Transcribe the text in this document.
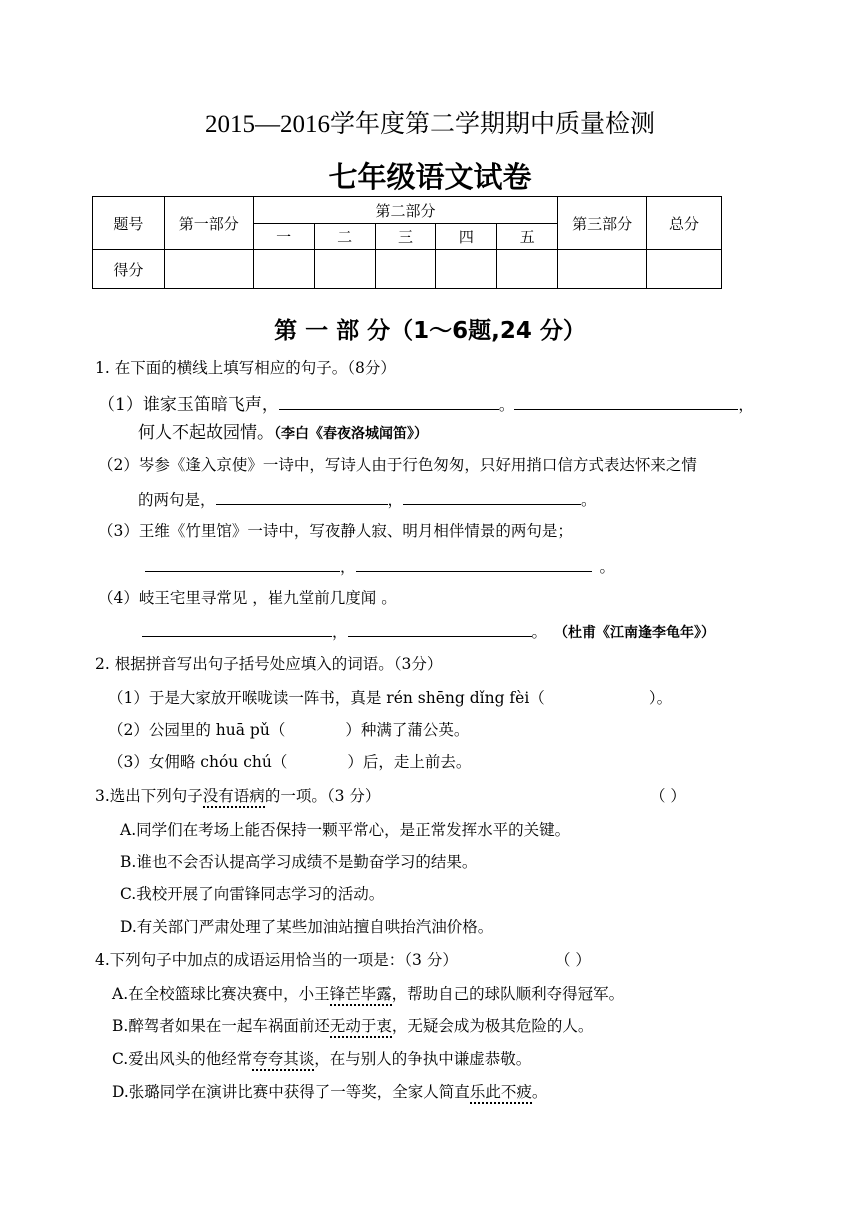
2015—2016学年度第二学期期中质量检测
七年级语文试卷
题号	第一部分	第二部分					第三部分	总分
		一	二	三	四	五		
得分								
第 一 部 分（1～6题,24 分）
1. 在下面的横线上填写相应的句子。（8分）
（1）谁家玉笛暗飞声，	。	，
何人不起故园情。（李白《春夜洛城闻笛》）
（2）岑参《逢入京使》一诗中，写诗人由于行色匆匆，只好用捎口信方式表达怀来之情
的两句是，	，	。
（3）王维《竹里馆》一诗中，写夜静人寂、明月相伴情景的两句是；
，	。
（4）岐王宅里寻常见 ，崔九堂前几度闻 。
，	。 （杜甫《江南逢李龟年》）
2. 根据拼音写出句子括号处应填入的词语。（3分）
（1）于是大家放开喉咙读一阵书，真是 rén shēng dǐng fèi（	）。
（2）公园里的 huā pǔ（	）种满了蒲公英。
（3）女佣略 chóu chú（	）后，走上前去。
3.选出下列句子没有语病的一项。（3 分）	（ ）
A.同学们在考场上能否保持一颗平常心，是正常发挥水平的关键。
B.谁也不会否认提高学习成绩不是勤奋学习的结果。
C.我校开展了向雷锋同志学习的活动。
D.有关部门严肃处理了某些加油站擅自哄抬汽油价格。
4.下列句子中加点的成语运用恰当的一项是：（3 分）	（ ）
A.在全校篮球比赛决赛中，小王锋芒毕露，帮助自己的球队顺利夺得冠军。
B.醉驾者如果在一起车祸面前还无动于衷，无疑会成为极其危险的人。
C.爱出风头的他经常夸夸其谈，在与别人的争执中谦虚恭敬。
D.张璐同学在演讲比赛中获得了一等奖，全家人简直乐此不疲。
